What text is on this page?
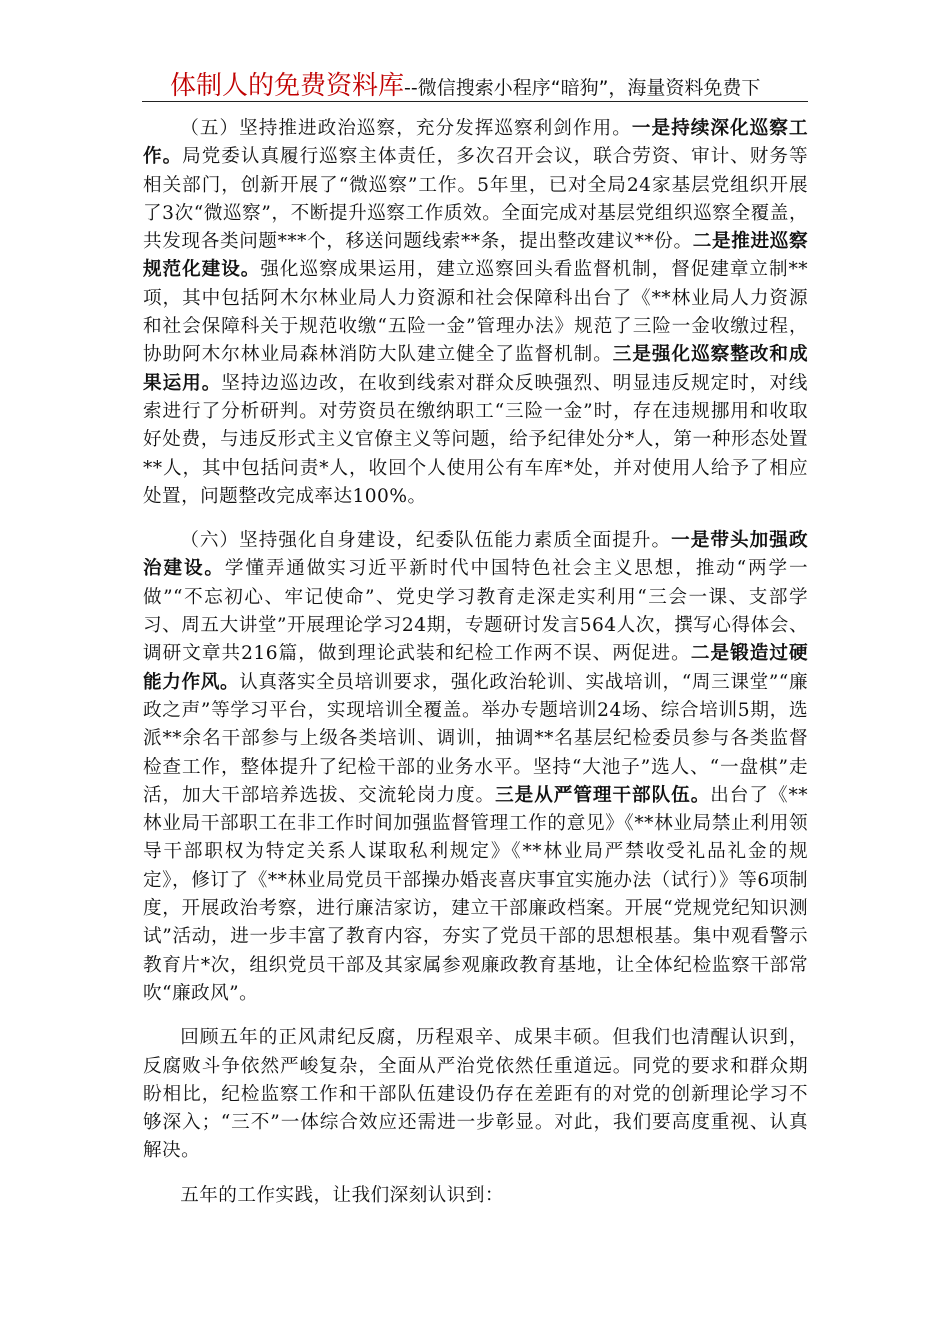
体制人的免费资料库--微信搜索小程序“暗狗”，海量资料免费下

（五）坚持推进政治巡察，充分发挥巡察利剑作用。一是持续深化巡察工作。局党委认真履行巡察主体责任，多次召开会议，联合劳资、审计、财务等相关部门，创新开展了“微巡察”工作。5年里，已对全局24家基层党组织开展了3次“微巡察”，不断提升巡察工作质效。全面完成对基层党组织巡察全覆盖，共发现各类问题***个，移送问题线索**条，提出整改建议**份。二是推进巡察规范化建设。强化巡察成果运用，建立巡察回头看监督机制，督促建章立制**项，其中包括阿木尔林业局人力资源和社会保障科出台了《**林业局人力资源和社会保障科关于规范收缴“五险一金”管理办法》规范了三险一金收缴过程，协助阿木尔林业局森林消防大队建立健全了监督机制。三是强化巡察整改和成果运用。坚持边巡边改，在收到线索对群众反映强烈、明显违反规定时，对线索进行了分析研判。对劳资员在缴纳职工“三险一金”时，存在违规挪用和收取好处费，与违反形式主义官僚主义等问题，给予纪律处分*人，第一种形态处置**人，其中包括问责*人，收回个人使用公有车库*处，并对使用人给予了相应处置，问题整改完成率达100%。

（六）坚持强化自身建设，纪委队伍能力素质全面提升。一是带头加强政治建设。学懂弄通做实习近平新时代中国特色社会主义思想，推动“两学一做”“不忘初心、牢记使命”、党史学习教育走深走实利用“三会一课、支部学习、周五大讲堂”开展理论学习24期，专题研讨发言564人次，撰写心得体会、调研文章共216篇，做到理论武装和纪检工作两不误、两促进。二是锻造过硬能力作风。认真落实全员培训要求，强化政治轮训、实战培训，“周三课堂”“廉政之声”等学习平台，实现培训全覆盖。举办专题培训24场、综合培训5期，选派**余名干部参与上级各类培训、调训，抽调**名基层纪检委员参与各类监督检查工作，整体提升了纪检干部的业务水平。坚持“大池子”选人、“一盘棋”走活，加大干部培养选拔、交流轮岗力度。三是从严管理干部队伍。出台了《**林业局干部职工在非工作时间加强监督管理工作的意见》《**林业局禁止利用领导干部职权为特定关系人谋取私利规定》《**林业局严禁收受礼品礼金的规定》，修订了《**林业局党员干部操办婚丧喜庆事宜实施办法（试行）》等6项制度，开展政治考察，进行廉洁家访，建立干部廉政档案。开展“党规党纪知识测试”活动，进一步丰富了教育内容，夯实了党员干部的思想根基。集中观看警示教育片*次，组织党员干部及其家属参观廉政教育基地，让全体纪检监察干部常吹“廉政风”。

回顾五年的正风肃纪反腐，历程艰辛、成果丰硕。但我们也清醒认识到，反腐败斗争依然严峻复杂，全面从严治党依然任重道远。同党的要求和群众期盼相比，纪检监察工作和干部队伍建设仍存在差距有的对党的创新理论学习不够深入；“三不”一体综合效应还需进一步彰显。对此，我们要高度重视、认真解决。

五年的工作实践，让我们深刻认识到：
